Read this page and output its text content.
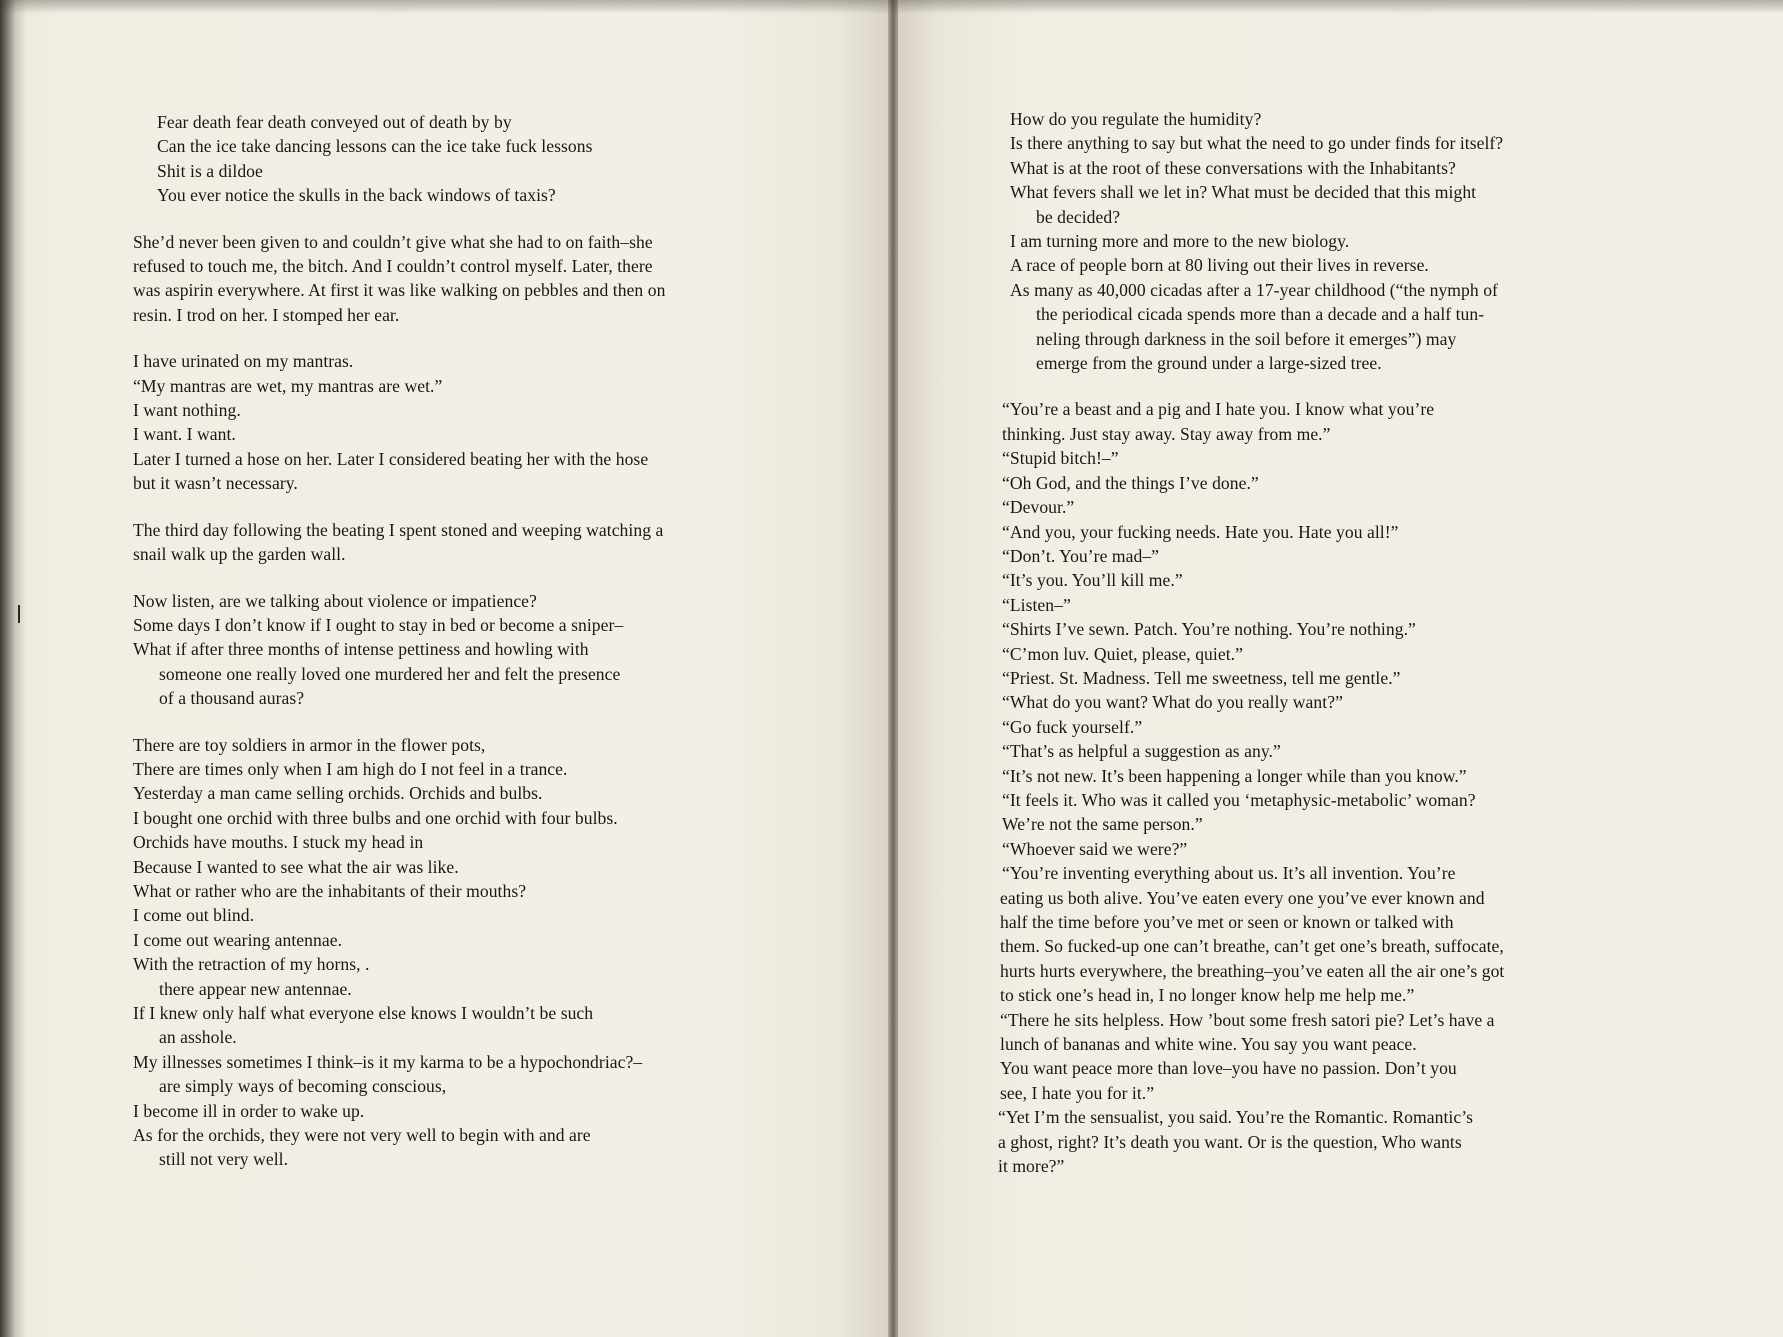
Fear death fear death conveyed out of death by by
Can the ice take dancing lessons can the ice take fuck lessons
Shit is a dildoe
You ever notice the skulls in the back windows of taxis?
She’d never been given to and couldn’t give what she had to on faith–she
refused to touch me, the bitch. And I couldn’t control myself. Later, there
was aspirin everywhere. At first it was like walking on pebbles and then on
resin. I trod on her. I stomped her ear.
I have urinated on my mantras.
“My mantras are wet, my mantras are wet.”
I want nothing.
I want. I want.
Later I turned a hose on her. Later I considered beating her with the hose
but it wasn’t necessary.
The third day following the beating I spent stoned and weeping watching a
snail walk up the garden wall.
Now listen, are we talking about violence or impatience?
Some days I don’t know if I ought to stay in bed or become a sniper–
What if after three months of intense pettiness and howling with
someone one really loved one murdered her and felt the presence
of a thousand auras?
There are toy soldiers in armor in the flower pots,
There are times only when I am high do I not feel in a trance.
Yesterday a man came selling orchids. Orchids and bulbs.
I bought one orchid with three bulbs and one orchid with four bulbs.
Orchids have mouths. I stuck my head in
Because I wanted to see what the air was like.
What or rather who are the inhabitants of their mouths?
I come out blind.
I come out wearing antennae.
With the retraction of my horns, .
there appear new antennae.
If I knew only half what everyone else knows I wouldn’t be such
an asshole.
My illnesses sometimes I think–is it my karma to be a hypochondriac?–
are simply ways of becoming conscious,
I become ill in order to wake up.
As for the orchids, they were not very well to begin with and are
still not very well.
How do you regulate the humidity?
Is there anything to say but what the need to go under finds for itself?
What is at the root of these conversations with the Inhabitants?
What fevers shall we let in? What must be decided that this might
be decided?
I am turning more and more to the new biology.
A race of people born at 80 living out their lives in reverse.
As many as 40,000 cicadas after a 17-year childhood (“the nymph of
the periodical cicada spends more than a decade and a half tun-
neling through darkness in the soil before it emerges”) may
emerge from the ground under a large-sized tree.
“You’re a beast and a pig and I hate you. I know what you’re
thinking. Just stay away. Stay away from me.”
“Stupid bitch!–”
“Oh God, and the things I’ve done.”
“Devour.”
“And you, your fucking needs. Hate you. Hate you all!”
“Don’t. You’re mad–”
“It’s you. You’ll kill me.”
“Listen–”
“Shirts I’ve sewn. Patch. You’re nothing. You’re nothing.”
“C’mon luv. Quiet, please, quiet.”
“Priest. St. Madness. Tell me sweetness, tell me gentle.”
“What do you want? What do you really want?”
“Go fuck yourself.”
“That’s as helpful a suggestion as any.”
“It’s not new. It’s been happening a longer while than you know.”
“It feels it. Who was it called you ‘metaphysic-metabolic’ woman?
We’re not the same person.”
“Whoever said we were?”
“You’re inventing everything about us. It’s all invention. You’re
eating us both alive. You’ve eaten every one you’ve ever known and
half the time before you’ve met or seen or known or talked with
them. So fucked-up one can’t breathe, can’t get one’s breath, suffocate,
hurts hurts everywhere, the breathing–you’ve eaten all the air one’s got
to stick one’s head in, I no longer know help me help me.”
“There he sits helpless. How ’bout some fresh satori pie? Let’s have a
lunch of bananas and white wine. You say you want peace.
You want peace more than love–you have no passion. Don’t you
see, I hate you for it.”
“Yet I’m the sensualist, you said. You’re the Romantic. Romantic’s
a ghost, right? It’s death you want. Or is the question, Who wants
it more?”
